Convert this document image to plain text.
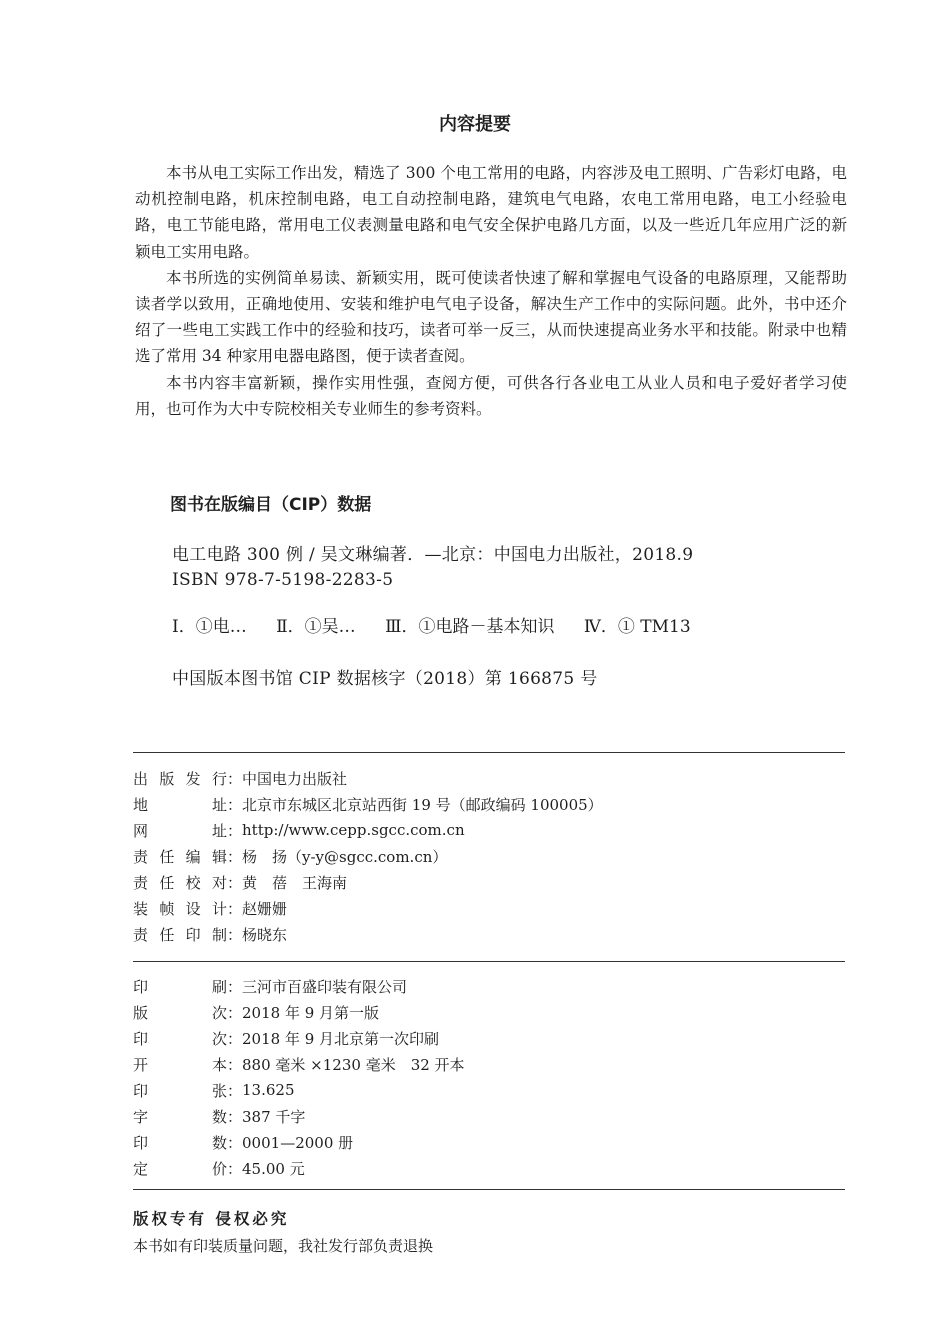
内容提要

本书从电工实际工作出发，精选了 300 个电工常用的电路，内容涉及电工照明、广告彩灯电路，电动机控制电路，机床控制电路，电工自动控制电路，建筑电气电路，农电工常用电路，电工小经验电路，电工节能电路，常用电工仪表测量电路和电气安全保护电路几方面，以及一些近几年应用广泛的新颖电工实用电路。

本书所选的实例简单易读、新颖实用，既可使读者快速了解和掌握电气设备的电路原理，又能帮助读者学以致用，正确地使用、安装和维护电气电子设备，解决生产工作中的实际问题。此外，书中还介绍了一些电工实践工作中的经验和技巧，读者可举一反三，从而快速提高业务水平和技能。附录中也精选了常用 34 种家用电器电路图，便于读者查阅。

本书内容丰富新颖，操作实用性强，查阅方便，可供各行各业电工从业人员和电子爱好者学习使用，也可作为大中专院校相关专业师生的参考资料。

图书在版编目（CIP）数据
电工电路 300 例 / 吴文琳编著．—北京：中国电力出版社，2018.9
ISBN 978-7-5198-2283-5
Ⅰ．①电… Ⅱ．①吴… Ⅲ．①电路－基本知识 Ⅳ．① TM13
中国版本图书馆 CIP 数据核字（2018）第 166875 号
出版发行 ： 中国电力出版社
地　　址 ： 北京市东城区北京站西街 19 号（邮政编码 100005）
网　　址 ： http://www.cepp.sgcc.com.cn
责任编辑 ： 杨　扬（y-y@sgcc.com.cn）
责任校对 ： 黄　蓓　王海南
装帧设计 ： 赵姗姗
责任印制 ： 杨晓东
印　　刷 ： 三河市百盛印装有限公司
版　　次 ： 2018 年 9 月第一版
印　　次 ： 2018 年 9 月北京第一次印刷
开　　本 ： 880 毫米 ×1230 毫米　32 开本
印　　张 ： 13.625
字　　数 ： 387 千字
印　　数 ： 0001—2000 册
定　　价 ： 45.00 元
版权专有 侵权必究
本书如有印装质量问题，我社发行部负责退换
